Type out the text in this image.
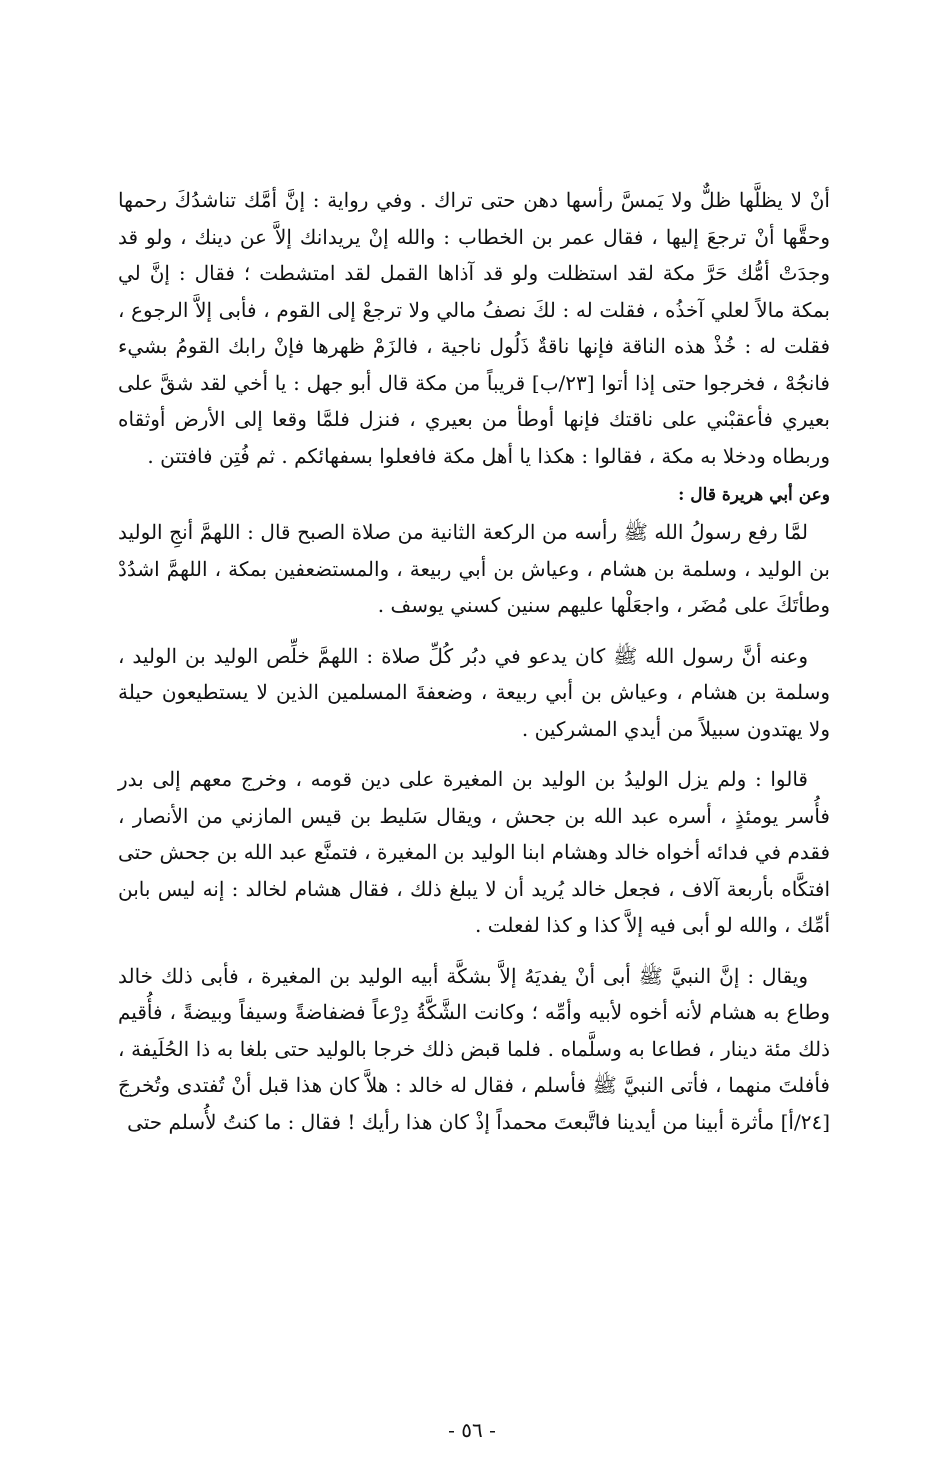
أنْ لا يظلَّها ظلٌّ ولا يَمسَّ رأسها دهن حتى تراك . وفي رواية : إنَّ أمَّك تناشدُكَ رحمها وحقَّها أنْ ترجعَ إليها ، فقال عمر بن الخطاب : والله إنْ يريدانك إلاَّ عن دينك ، ولو قد وجدَتْ أمُّك حَرَّ مكة لقد استظلت ولو قد آذاها القمل لقد امتشطت ؛ فقال : إنَّ لي بمكة مالاً لعلي آخذُه ، فقلت له : لكَ نصفُ مالي ولا ترجعْ إلى القوم ، فأبى إلاَّ الرجوع ، فقلت له : خُذْ هذه الناقة فإنها ناقةٌ ذَلُول ناجية ، فالزَمْ ظهرها فإنْ رابك القومُ بشيء فانجُهْ ، فخرجوا حتى إذا أتوا [٢٣/ب] قريباً من مكة قال أبو جهل : يا أخي لقد شقَّ على بعيري فأعقبْني على ناقتك فإنها أوطأ من بعيري ، فنزل فلمَّا وقعا إلى الأرض أوثقاه وربطاه ودخلا به مكة ، فقالوا : هكذا يا أهل مكة فافعلوا بسفهائكم . ثم فُتِن فافتتن .

وعن أبي هريرة قال :

لمَّا رفع رسولُ الله ﷺ رأسه من الركعة الثانية من صلاة الصبح قال : اللهمَّ أنجِ الوليد بن الوليد ، وسلمة بن هشام ، وعياش بن أبي ربيعة ، والمستضعفين بمكة ، اللهمَّ اشدُدْ وطأتَكَ على مُضَر ، واجعَلْها عليهم سنين كسني يوسف .

وعنه أنَّ رسول الله ﷺ كان يدعو في دبُر كُلِّ صلاة : اللهمَّ خلِّص الوليد بن الوليد ، وسلمة بن هشام ، وعياش بن أبي ربيعة ، وضعفةَ المسلمين الذين لا يستطيعون حيلة ولا يهتدون سبيلاً من أيدي المشركين .

قالوا : ولم يزل الوليدُ بن الوليد بن المغيرة على دين قومه ، وخرج معهم إلى بدر فأُسر يومئذٍ ، أسره عبد الله بن جحش ، ويقال سَليط بن قيس المازني من الأنصار ، فقدم في فدائه أخواه خالد وهشام ابنا الوليد بن المغيرة ، فتمنَّع عبد الله بن جحش حتى افتكَّاه بأربعة آلاف ، فجعل خالد يُريد أن لا يبلغ ذلك ، فقال هشام لخالد : إنه ليس بابن أمِّك ، والله لو أبى فيه إلاَّ كذا و كذا لفعلت .

ويقال : إنَّ النبيَّ ﷺ أبى أنْ يفديَهُ إلاَّ بشكَّة أبيه الوليد بن المغيرة ، فأبى ذلك خالد وطاع به هشام لأنه أخوه لأبيه وأمِّه ؛ وكانت الشَّكَّةُ دِرْعاً فضفاضةً وسيفاً وبيضةً ، فأُقيم ذلك مئة دينار ، فطاعا به وسلَّماه . فلما قبض ذلك خرجا بالوليد حتى بلغا به ذا الحُلَيفة ، فأفلتَ منهما ، فأتى النبيَّ ﷺ فأسلم ، فقال له خالد : هلاَّ كان هذا قبل أنْ تُفتدى وتُخرجَ [٢٤/أ] مأثرة أبينا من أيدينا فاتَّبعتَ محمداً إذْ كان هذا رأيك ! فقال : ما كنتُ لأُسلم حتى

- ٥٦ -
